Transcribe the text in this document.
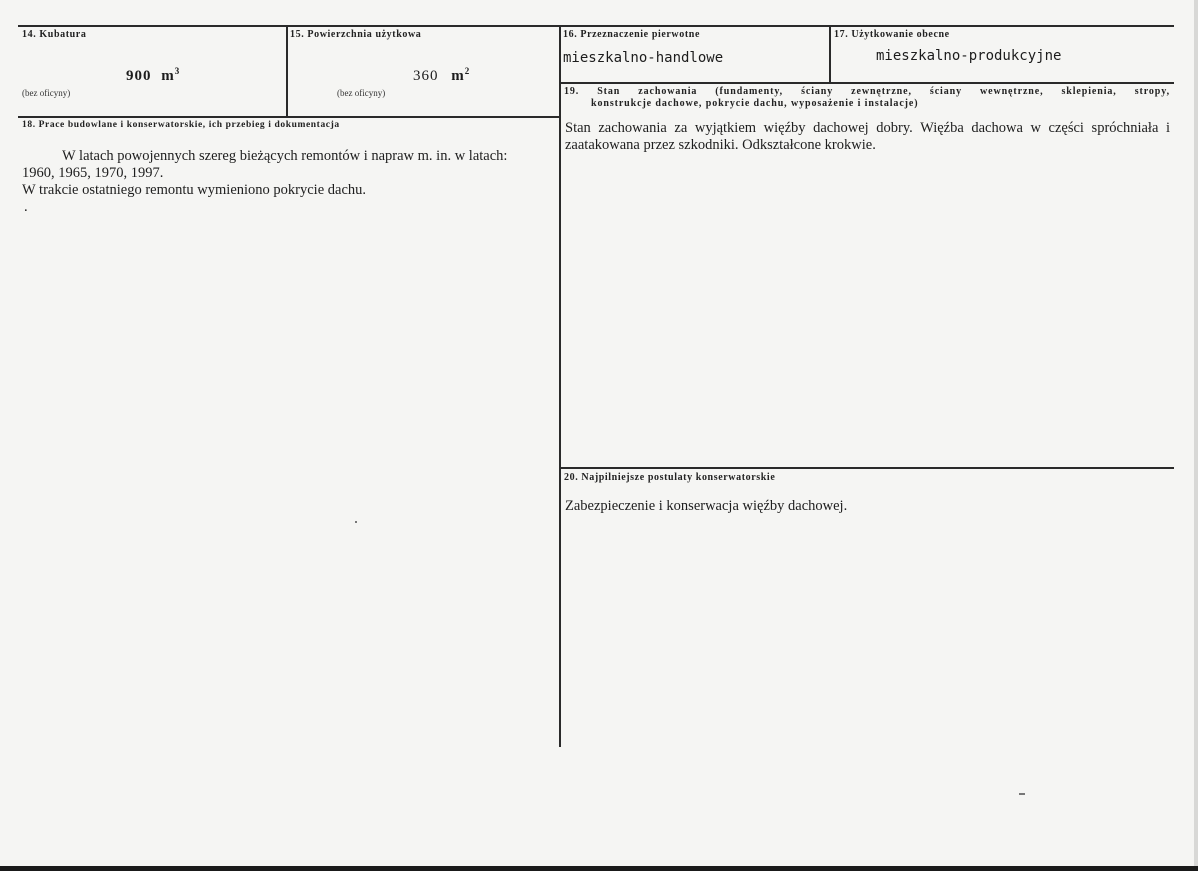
14. Kubatura
900 $m^3$
(bez oficyny)
15. Powierzchnia użytkowa
360 $m^2$
(bez oficyny)
16. Przeznaczenie pierwotne
mieszkalno-handlowe
17. Użytkowanie obecne
mieszkalno-produkcyjne
18. Prace budowlane i konserwatorskie, ich przebieg i dokumentacja
W latach powojennych szereg bieżących remontów i napraw m. in. w latach:
1960, 1965, 1970, 1997.
W trakcie ostatniego remontu wymieniono pokrycie dachu.
.
19. Stan zachowania (fundamenty, ściany zewnętrzne, ściany wewnętrzne, sklepienia, stropy,
konstrukcje dachowe, pokrycie dachu, wyposażenie i instalacje)
Stan zachowania za wyjątkiem więźby dachowej dobry. Więźba dachowa w części spróchniała i zaatakowana przez szkodniki. Odkształcone krokwie.
20. Najpilniejsze postulaty konserwatorskie
Zabezpieczenie i konserwacja więźby dachowej.
